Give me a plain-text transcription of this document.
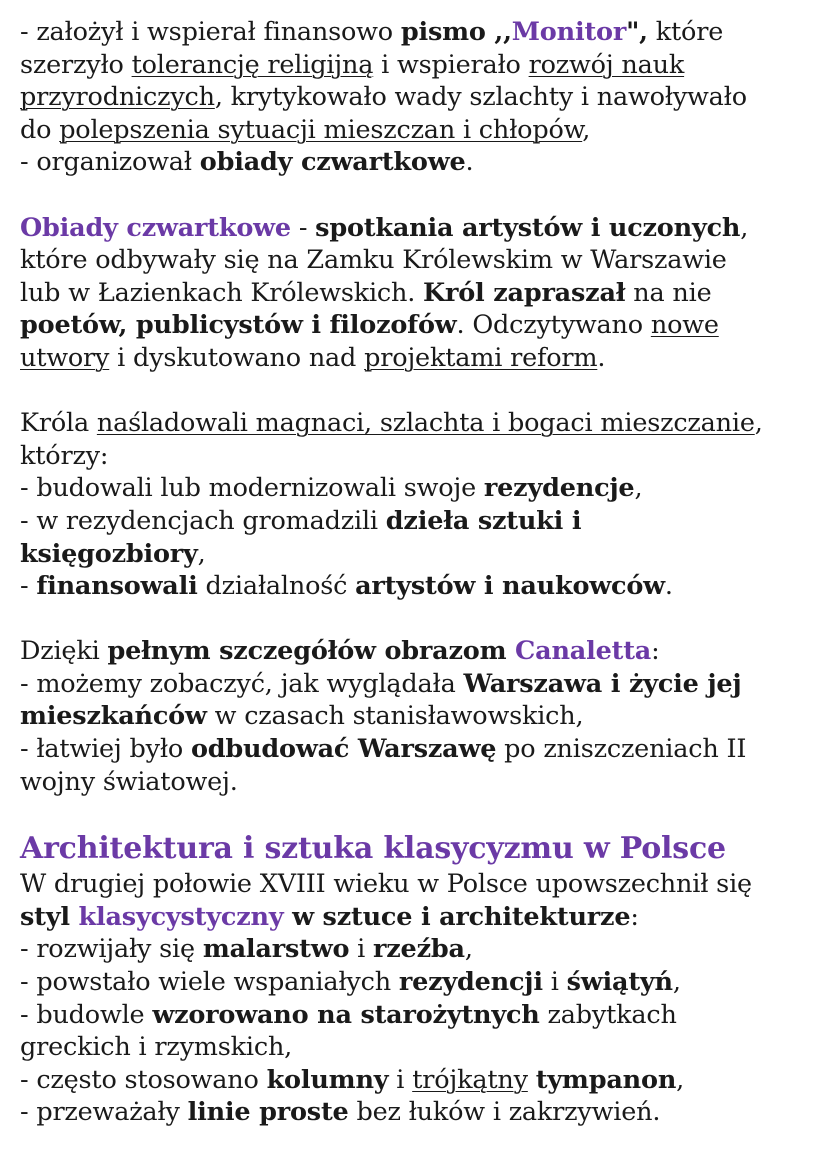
- założył i wspierał finansowo pismo ,,Monitor", które
szerzyło tolerancję religijną i wspierało rozwój nauk
przyrodniczych, krytykowało wady szlachty i nawoływało
do polepszenia sytuacji mieszczan i chłopów,
- organizował obiady czwartkowe.
Obiady czwartkowe - spotkania artystów i uczonych,
które odbywały się na Zamku Królewskim w Warszawie
lub w Łazienkach Królewskich. Król zapraszał na nie
poetów, publicystów i filozofów. Odczytywano nowe
utwory i dyskutowano nad projektami reform.
Króla naśladowali magnaci, szlachta i bogaci mieszczanie,
którzy:
- budowali lub modernizowali swoje rezydencje,
- w rezydencjach gromadzili dzieła sztuki i
księgozbiory,
- finansowali działalność artystów i naukowców.
Dzięki pełnym szczegółów obrazom Canaletta:
- możemy zobaczyć, jak wyglądała Warszawa i życie jej
mieszkańców w czasach stanisławowskich,
- łatwiej było odbudować Warszawę po zniszczeniach II
wojny światowej.
Architektura i sztuka klasycyzmu w Polsce
W drugiej połowie XVIII wieku w Polsce upowszechnił się
styl klasycystyczny w sztuce i architekturze:
- rozwijały się malarstwo i rzeźba,
- powstało wiele wspaniałych rezydencji i świątyń,
- budowle wzorowano na starożytnych zabytkach
greckich i rzymskich,
- często stosowano kolumny i trójkątny tympanon,
- przeważały linie proste bez łuków i zakrzywień.
